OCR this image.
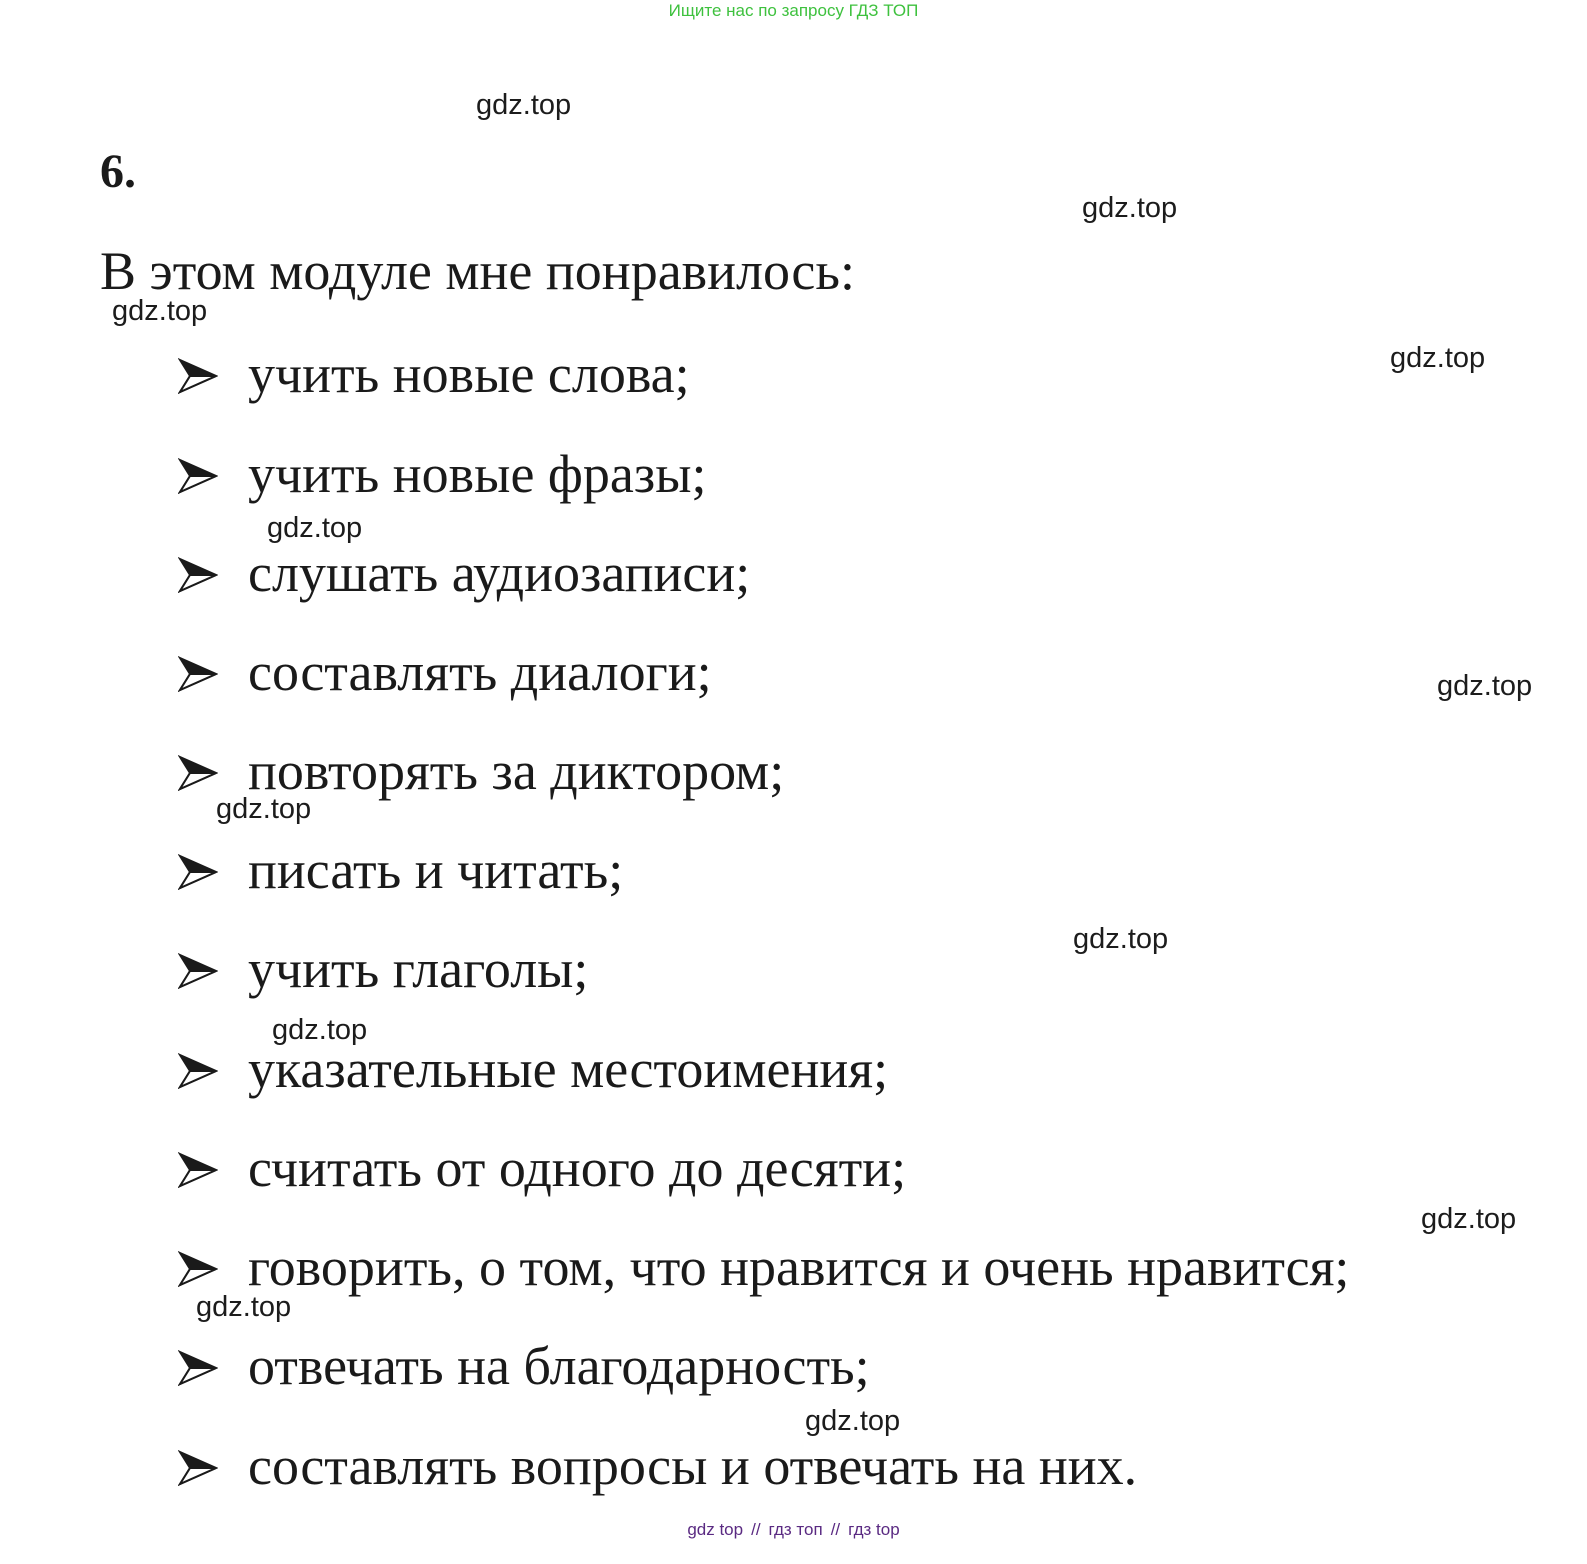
Ищите нас по запросу ГДЗ ТОП
6.
В этом модуле мне понравилось:
учить новые слова;
учить новые фразы;
слушать аудиозаписи;
составлять диалоги;
повторять за диктором;
писать и читать;
учить глаголы;
указательные местоимения;
считать от одного до десяти;
говорить, о том, что нравится и очень нравится;
отвечать на благодарность;
составлять вопросы и отвечать на них.
gdz.top
gdz.top
gdz.top
gdz.top
gdz.top
gdz.top
gdz.top
gdz.top
gdz.top
gdz.top
gdz.top
gdz.top
gdz top // гдз топ // гдз top
